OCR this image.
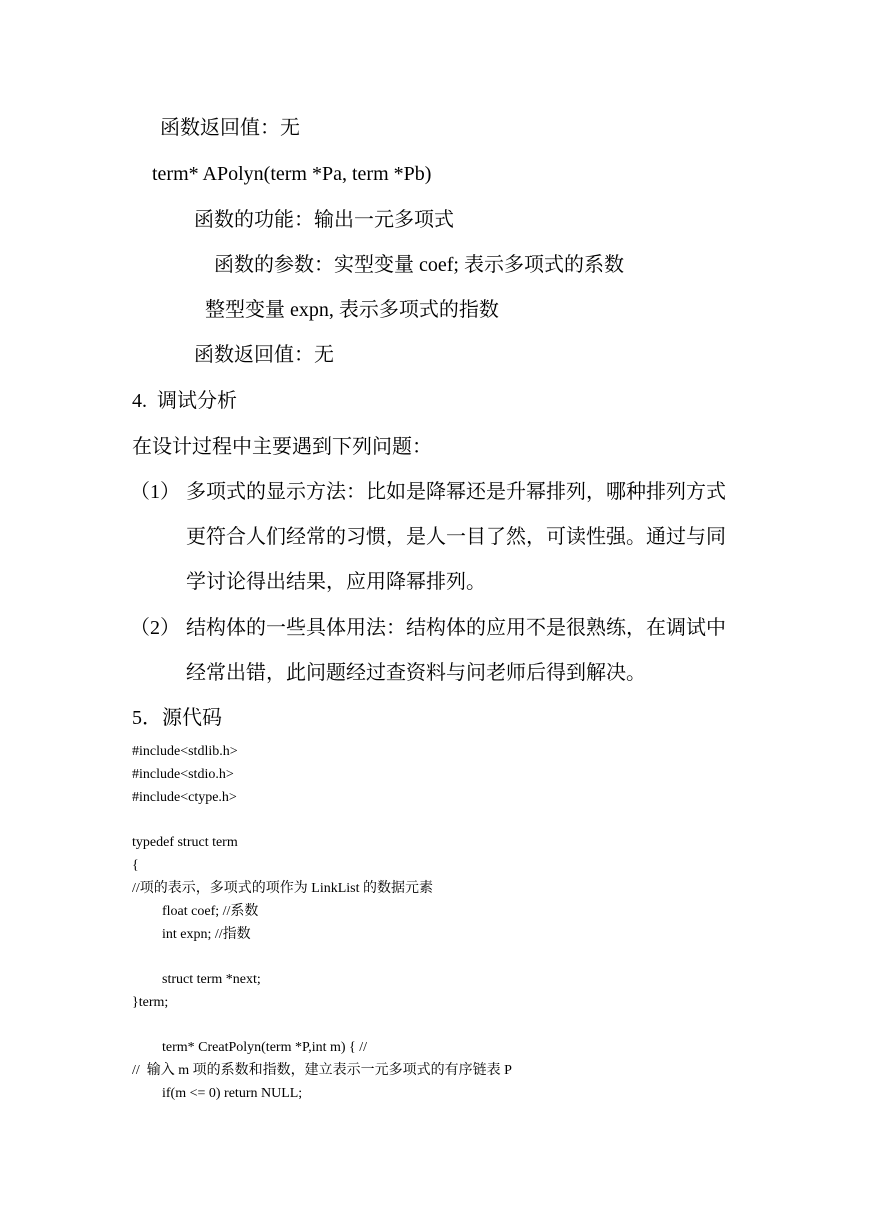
函数返回值：无
term* APolyn(term *Pa, term *Pb)
函数的功能：输出一元多项式
函数的参数：实型变量 coef; 表示多项式的系数
整型变量 expn, 表示多项式的指数
函数返回值：无
4.  调试分析
在设计过程中主要遇到下列问题：
（1） 多项式的显示方法：比如是降幂还是升幂排列，哪种排列方式
更符合人们经常的习惯，是人一目了然，可读性强。通过与同
学讨论得出结果，应用降幂排列。
（2） 结构体的一些具体用法：结构体的应用不是很熟练，在调试中
经常出错，此问题经过查资料与问老师后得到解决。
5．源代码
#include<stdlib.h>
#include<stdio.h>
#include<ctype.h>
typedef struct term
{
//项的表示，多项式的项作为 LinkList 的数据元素
float coef; //系数
int expn; //指数
struct term *next;
}term;
term* CreatPolyn(term *P,int m) { //
//  输入 m 项的系数和指数，建立表示一元多项式的有序链表 P
if(m <= 0) return NULL;
